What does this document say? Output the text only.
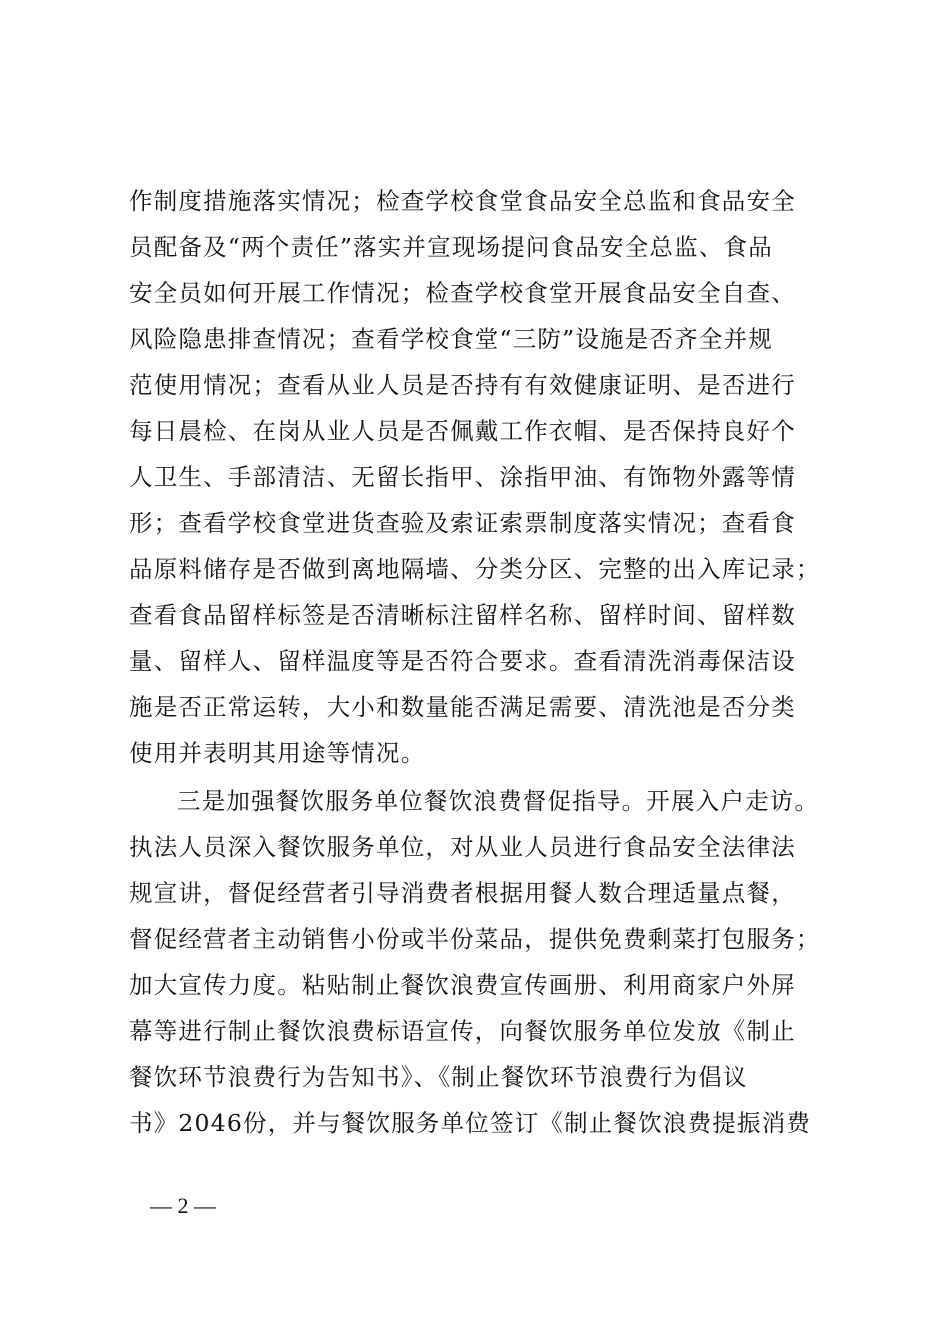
作制度措施落实情况；检查学校食堂食品安全总监和食品安全
员配备及“两个责任”落实并宣现场提问食品安全总监、食品
安全员如何开展工作情况；检查学校食堂开展食品安全自查、
风险隐患排查情况；查看学校食堂“三防”设施是否齐全并规
范使用情况；查看从业人员是否持有有效健康证明、是否进行
每日晨检、在岗从业人员是否佩戴工作衣帽、是否保持良好个
人卫生、手部清洁、无留长指甲、涂指甲油、有饰物外露等情
形；查看学校食堂进货查验及索证索票制度落实情况；查看食
品原料储存是否做到离地隔墙、分类分区、完整的出入库记录；
查看食品留样标签是否清晰标注留样名称、留样时间、留样数
量、留样人、留样温度等是否符合要求。查看清洗消毒保洁设
施是否正常运转，大小和数量能否满足需要、清洗池是否分类
使用并表明其用途等情况。
三是加强餐饮服务单位餐饮浪费督促指导。开展入户走访。
执法人员深入餐饮服务单位，对从业人员进行食品安全法律法
规宣讲，督促经营者引导消费者根据用餐人数合理适量点餐，
督促经营者主动销售小份或半份菜品，提供免费剩菜打包服务；
加大宣传力度。粘贴制止餐饮浪费宣传画册、利用商家户外屏
幕等进行制止餐饮浪费标语宣传，向餐饮服务单位发放《制止
餐饮环节浪费行为告知书》、《制止餐饮环节浪费行为倡议
书》2046份，并与餐饮服务单位签订《制止餐饮浪费提振消费
— 2 —
